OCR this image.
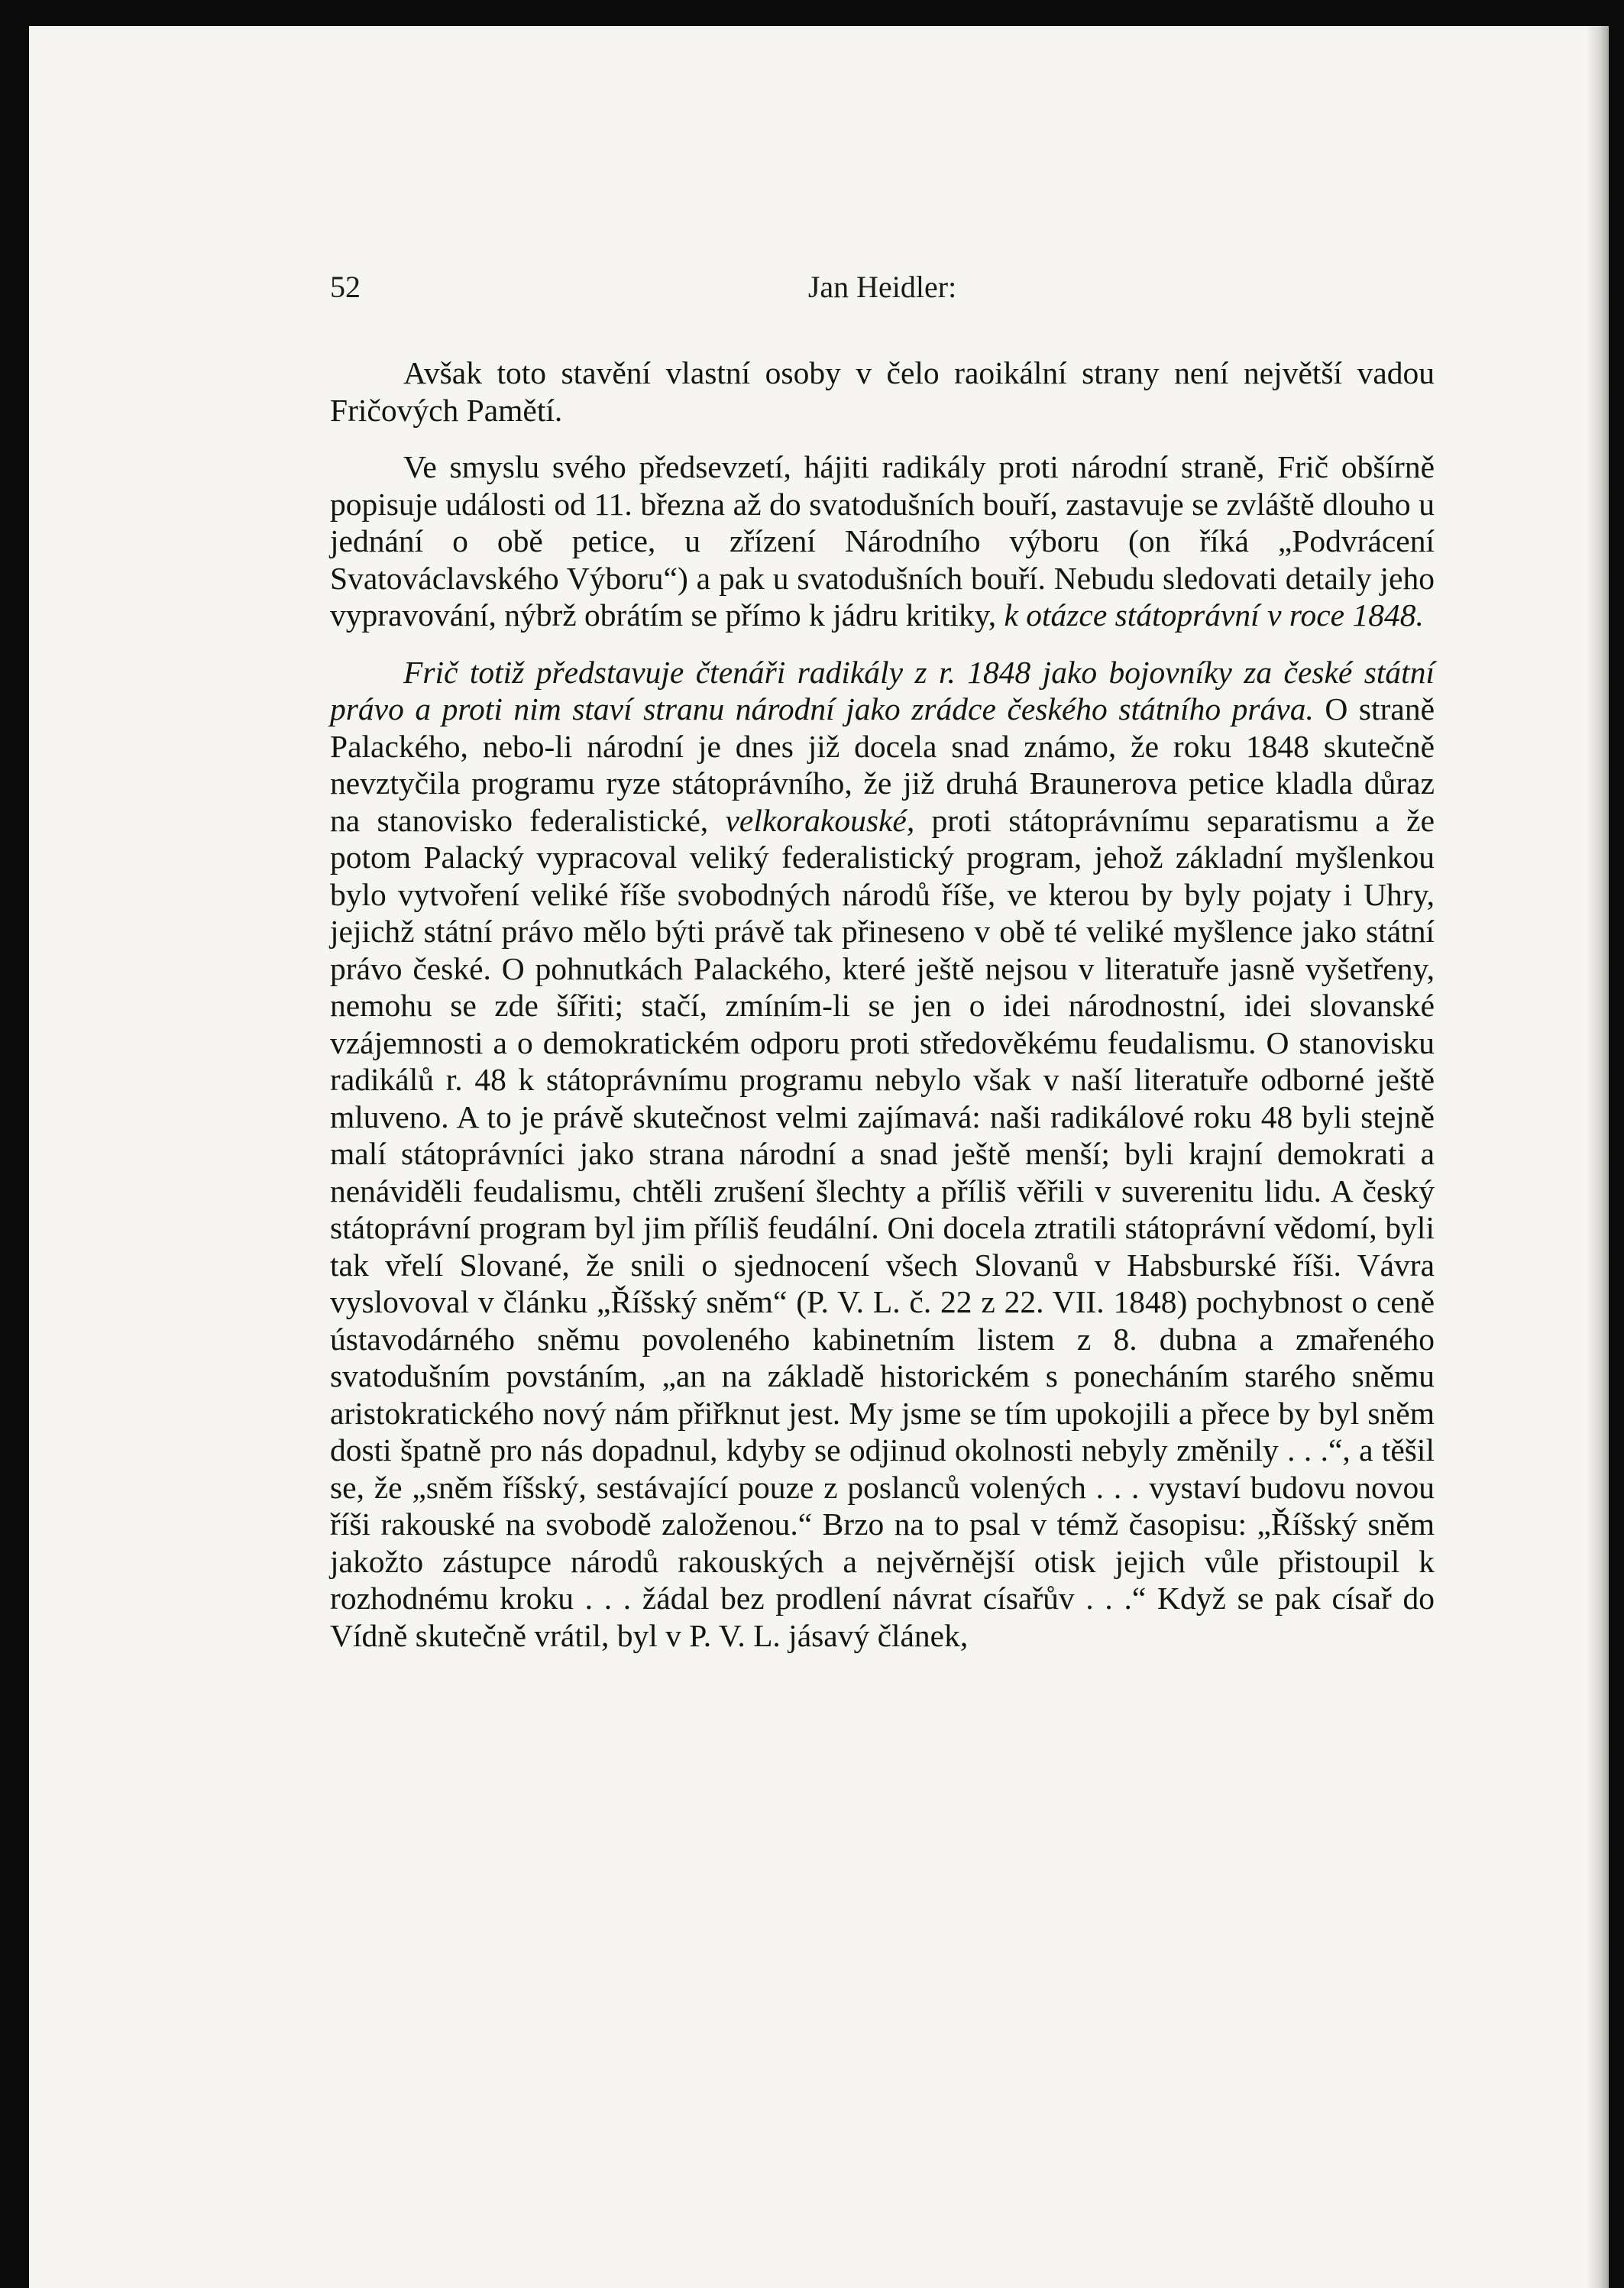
52	Jan Heidler:

Avšak toto stavění vlastní osoby v čelo raoikální strany není největší vadou Fričových Pamětí.

Ve smyslu svého předsevzetí, hájiti radikály proti národní straně, Frič obšírně popisuje události od 11. března až do svatodušních bouří, zastavuje se zvláště dlouho u jednání o obě petice, u zřízení Národního výboru (on říká „Podvrácení Svatováclavského Výboru“) a pak u svatodušních bouří. Nebudu sledovati detaily jeho vypravování, nýbrž obrátím se přímo k jádru kritiky, k otázce státoprávní v roce 1848.

Frič totiž představuje čtenáři radikály z r. 1848 jako bojovníky za české státní právo a proti nim staví stranu národní jako zrádce českého státního práva. O straně Palackého, nebo-li národní je dnes již docela snad známo, že roku 1848 skutečně nevztyčila programu ryze státoprávního, že již druhá Braunerova petice kladla důraz na stanovisko federalistické, velkorakouské, proti státoprávnímu separatismu a že potom Palacký vypracoval veliký federalistický program, jehož základní myšlenkou bylo vytvoření veliké říše svobodných národů říše, ve kterou by byly pojaty i Uhry, jejichž státní právo mělo býti právě tak přineseno v obě té veliké myšlence jako státní právo české. O pohnutkách Palackého, které ještě nejsou v literatuře jasně vyšetřeny, nemohu se zde šířiti; stačí, zmíním-li se jen o idei národnostní, idei slovanské vzájemnosti a o demokratickém odporu proti středověkému feudalismu. O stanovisku radikálů r. 48 k státoprávnímu programu nebylo však v naší literatuře odborné ještě mluveno. A to je právě skutečnost velmi zajímavá: naši radikálové roku 48 byli stejně malí státoprávníci jako strana národní a snad ještě menší; byli krajní demokrati a nenáviděli feudalismu, chtěli zrušení šlechty a příliš věřili v suverenitu lidu. A český státoprávní program byl jim příliš feudální. Oni docela ztratili státoprávní vědomí, byli tak vřelí Slované, že snili o sjednocení všech Slovanů v Habsburské říši. Vávra vyslovoval v článku „Říšský sněm“ (P. V. L. č. 22 z 22. VII. 1848) pochybnost o ceně ústavodárného sněmu povoleného kabinetním listem z 8. dubna a zmařeného svatodušním povstáním, „an na základě historickém s ponecháním starého sněmu aristokratického nový nám přiřknut jest. My jsme se tím upokojili a přece by byl sněm dosti špatně pro nás dopadnul, kdyby se odjinud okolnosti nebyly změnily . . .“, a těšil se, že „sněm říšský, sestávající pouze z poslanců volených . . . vystaví budovu novou říši rakouské na svobodě založenou.“ Brzo na to psal v témž časopisu: „Říšský sněm jakožto zástupce národů rakouských a nejvěrnější otisk jejich vůle přistoupil k rozhodnému kroku . . . žádal bez prodlení návrat císařův . . .“ Když se pak císař do Vídně skutečně vrátil, byl v P. V. L. jásavý článek,
